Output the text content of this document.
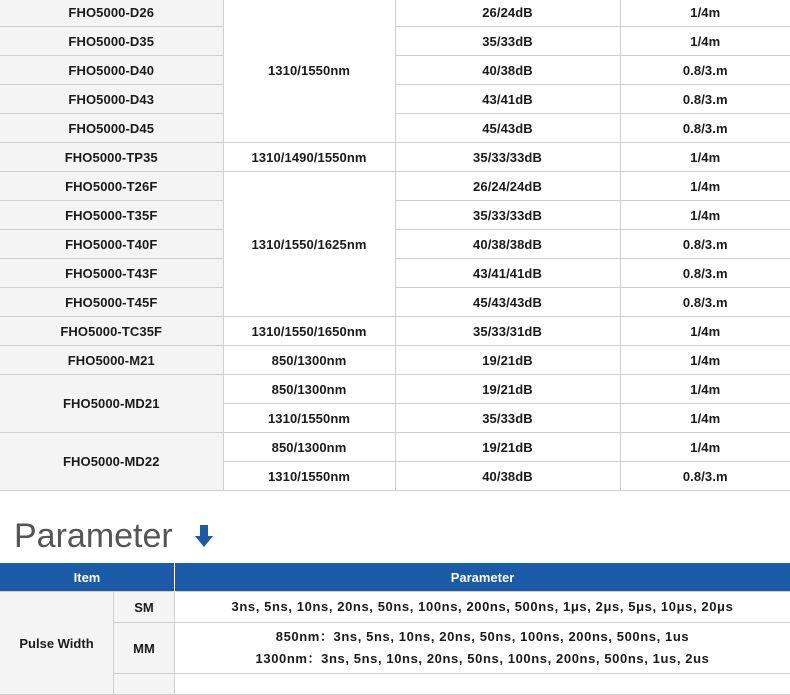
FHO5000-D26	1310/1550nm	26/24dB	1/4m
FHO5000-D35		35/33dB	1/4m
FHO5000-D40		40/38dB	0.8/3.m
FHO5000-D43		43/41dB	0.8/3.m
FHO5000-D45		45/43dB	0.8/3.m
FHO5000-TP35	1310/1490/1550nm	35/33/33dB	1/4m
FHO5000-T26F	1310/1550/1625nm	26/24/24dB	1/4m
FHO5000-T35F		35/33/33dB	1/4m
FHO5000-T40F		40/38/38dB	0.8/3.m
FHO5000-T43F		43/41/41dB	0.8/3.m
FHO5000-T45F		45/43/43dB	0.8/3.m
FHO5000-TC35F	1310/1550/1650nm	35/33/31dB	1/4m
FHO5000-M21	850/1300nm	19/21dB	1/4m
FHO5000-MD21	850/1300nm	19/21dB	1/4m
	1310/1550nm	35/33dB	1/4m
FHO5000-MD22	850/1300nm	19/21dB	1/4m
	1310/1550nm	40/38dB	0.8/3.m
Parameter
Item		Parameter
Pulse Width	SM	3ns, 5ns, 10ns, 20ns, 50ns, 100ns, 200ns, 500ns, 1μs, 2μs, 5μs, 10μs, 20μs

	MM	850nm：3ns, 5ns, 10ns, 20ns, 50ns, 100ns, 200ns, 500ns, 1us
1300nm：3ns, 5ns, 10ns, 20ns, 50ns, 100ns, 200ns, 500ns, 1us, 2us
